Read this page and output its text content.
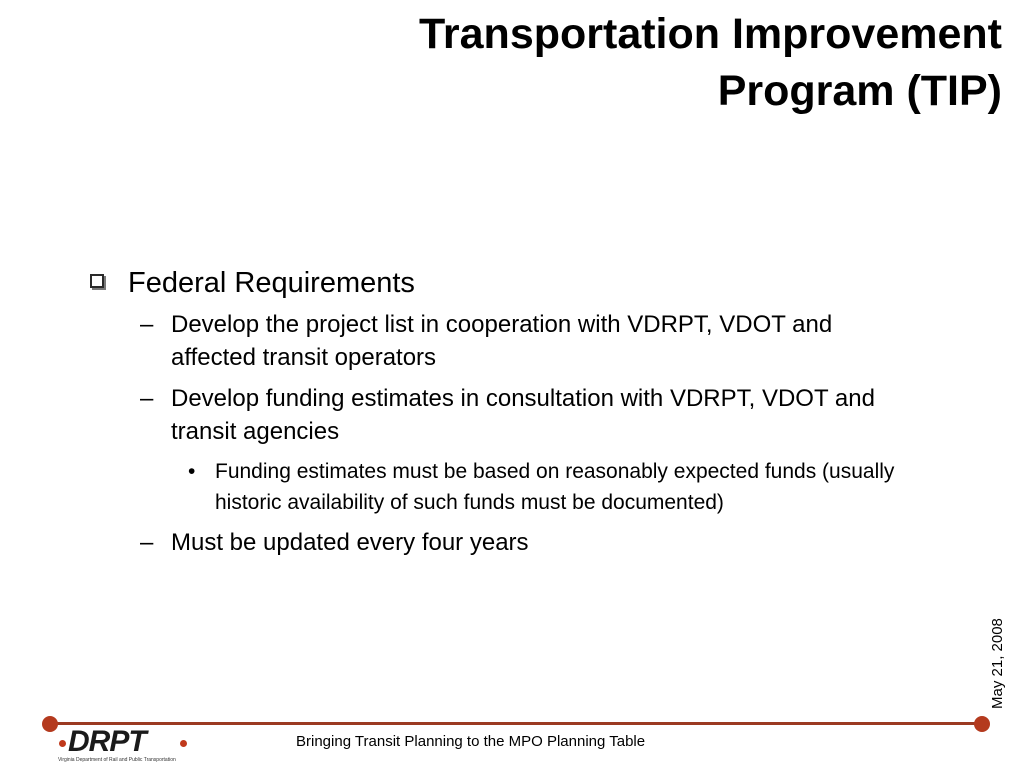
Transportation Improvement
Program (TIP)
Federal Requirements
– Develop the project list in cooperation with VDRPT, VDOT and affected transit operators
– Develop funding estimates in consultation with VDRPT, VDOT and transit agencies
• Funding estimates must be based on reasonably expected funds (usually historic availability of such funds must be documented)
– Must be updated every four years
May 21, 2008
DRPT
Virginia Department of Rail and Public Transportation
Bringing Transit Planning to the MPO Planning Table
